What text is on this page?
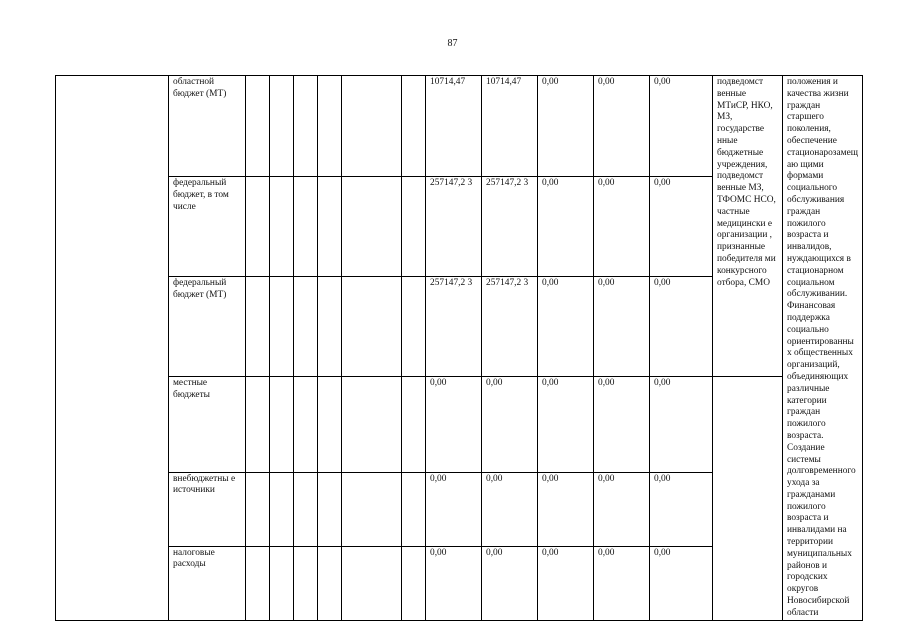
87
	областной бюджет (МТ)							10714,47	10714,47	0,00	0,00	0,00	подведомст венные МТиСР, НКО, МЗ, государстве нные бюджетные учреждения, подведомст венные МЗ, ТФОМС НСО, частные медицински е организации , признанные победителя ми конкурсного отбора, СМО	положения и качества жизни граждан старшего поколения, обеспечение стационарозамещаю щими формами социального обслуживания граждан пожилого возраста и инвалидов, нуждающихся в стационарном социальном обслуживании. Финансовая поддержка социально ориентированных общественных организаций, объединяющих различные категории граждан пожилого возраста. Создание системы долговременного ухода за гражданами пожилого возраста и инвалидами на территории муниципальных районов и городских округов Новосибирской области
	федеральный бюджет, в том числе							257147,2 3	257147,2 3	0,00	0,00	0,00		
	федеральный бюджет (МТ)							257147,2 3	257147,2 3	0,00	0,00	0,00		
	местные бюджеты							0,00	0,00	0,00	0,00	0,00		
	внебюджетны е источники							0,00	0,00	0,00	0,00	0,00		
	налоговые расходы							0,00	0,00	0,00	0,00	0,00		
